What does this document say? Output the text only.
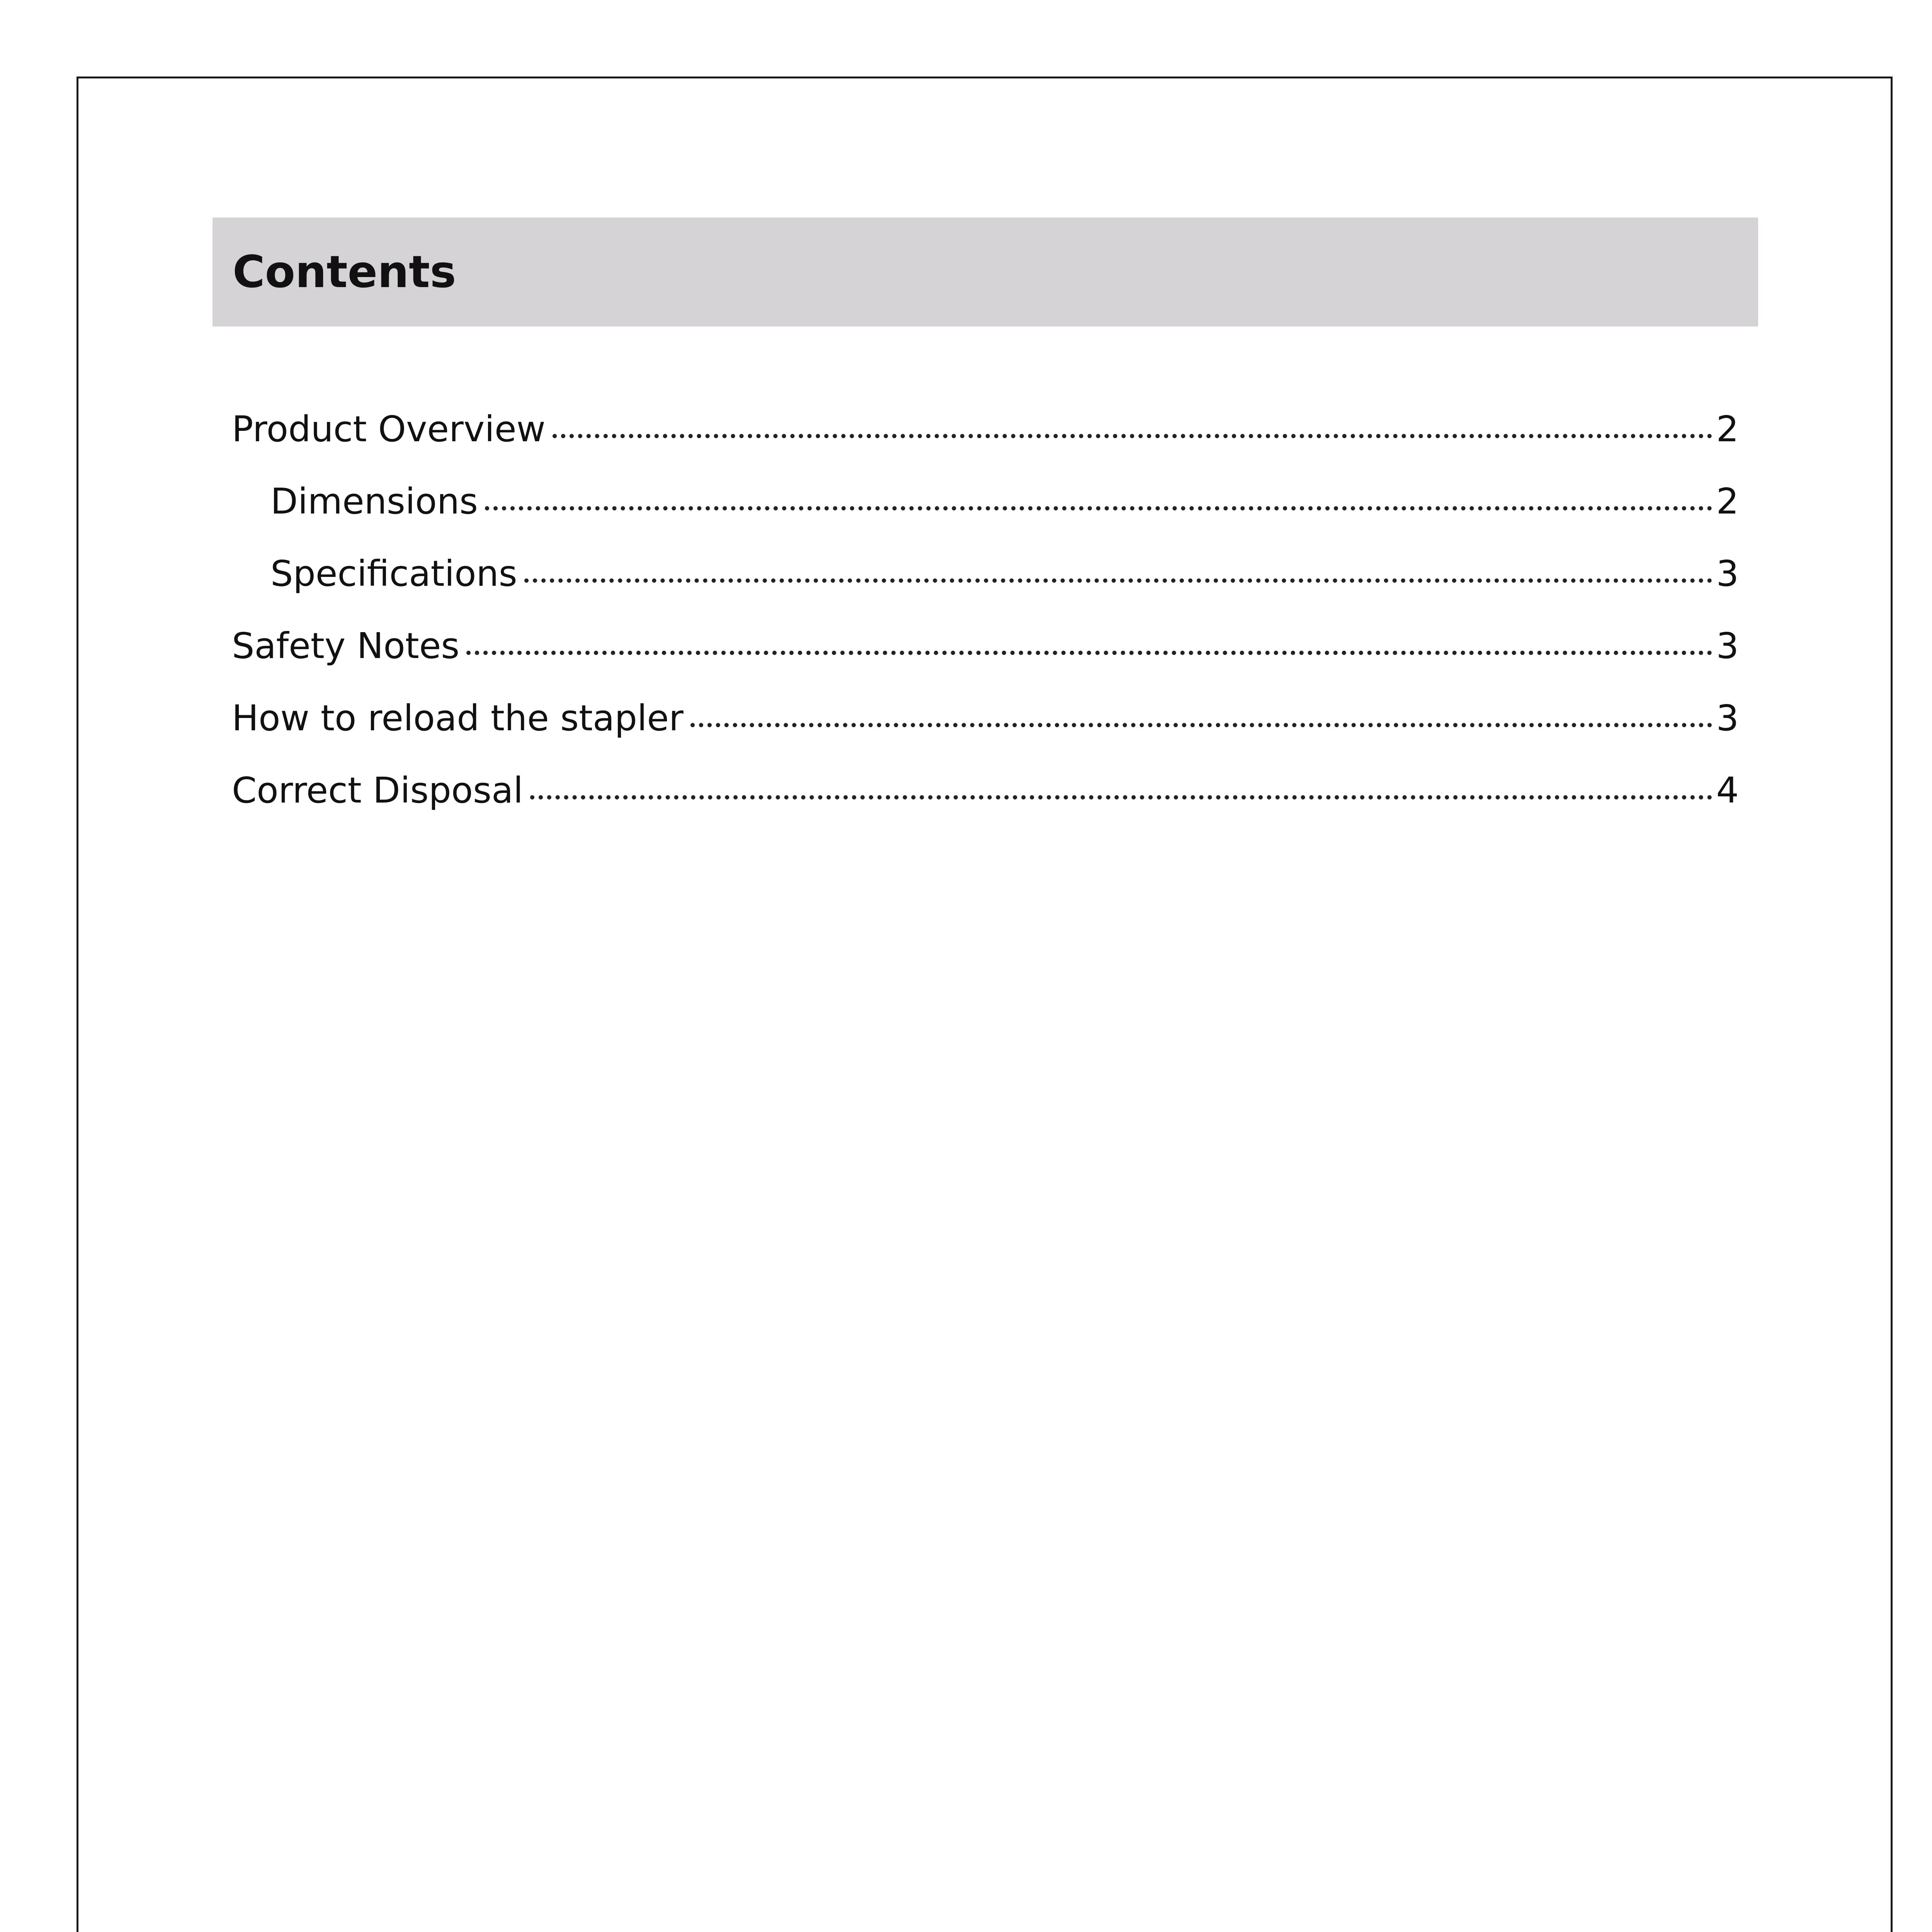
Contents
Product Overview	2
Dimensions	2
Specifications	3
Safety Notes	3
How to reload the stapler	3
Correct Disposal	4
